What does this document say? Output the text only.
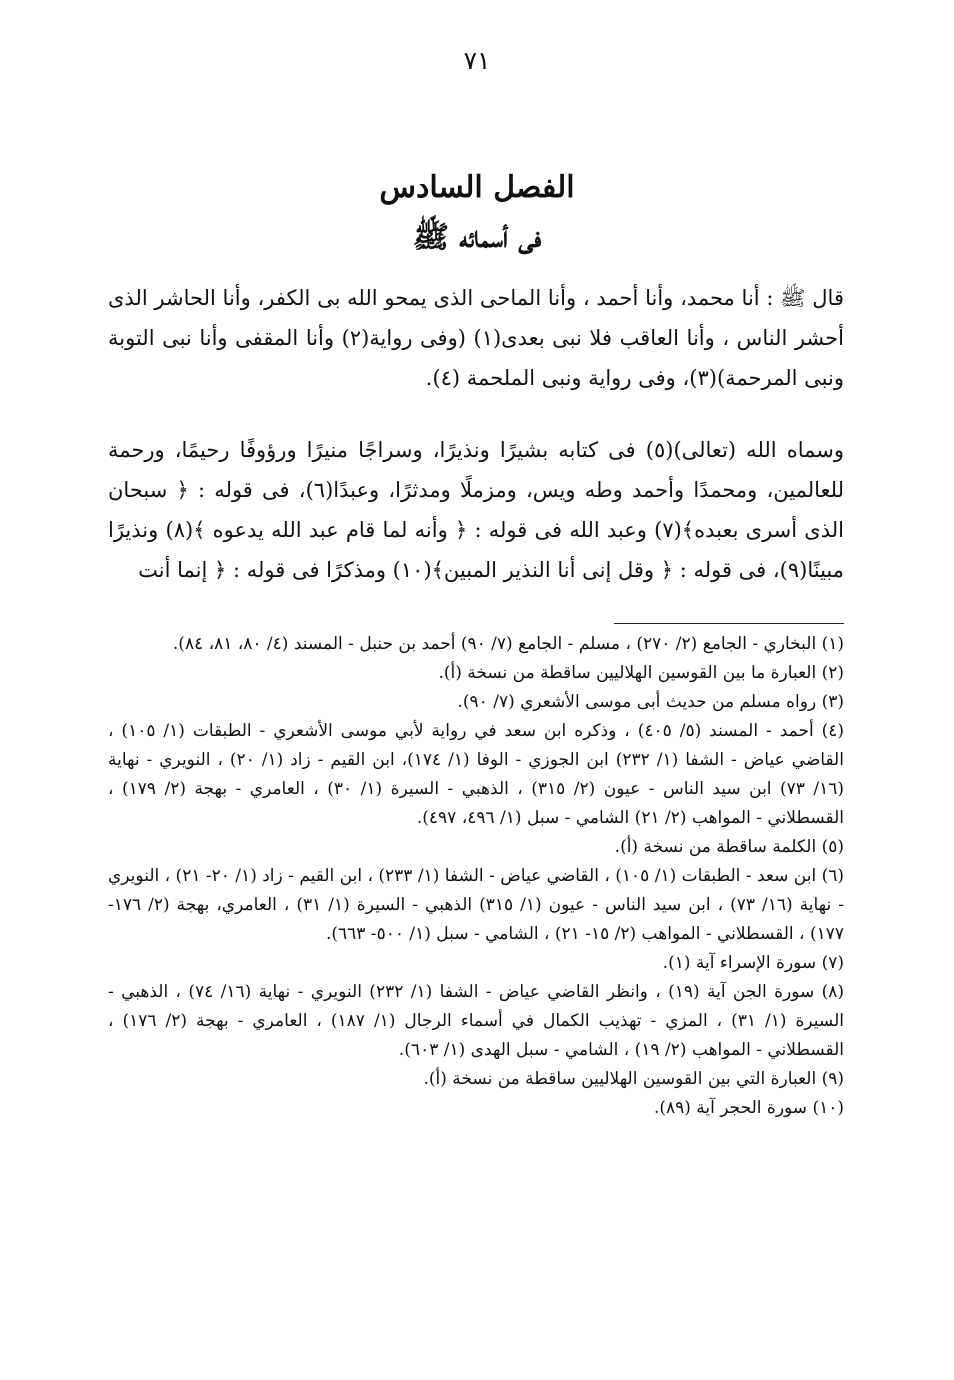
٧١
الفصل السادس
فى أسمائه ﷺ

قال ﷺ : أنا محمد، وأنا أحمد ، وأنا الماحى الذى يمحو الله بى الكفر، وأنا الحاشر الذى أحشر الناس ، وأنا العاقب فلا نبى بعدى(١) (وفى رواية(٢) وأنا المقفى وأنا نبى التوبة ونبى المرحمة)(٣)، وفى رواية ونبى الملحمة (٤).

وسماه الله (تعالى)(٥) فى كتابه بشيرًا ونذيرًا، وسراجًا منيرًا ورؤوفًا رحيمًا، ورحمة للعالمين، ومحمدًا وأحمد وطه ويس، ومزملًا ومدثرًا، وعبدًا(٦)، فى قوله : ﴿ سبحان الذى أسرى بعبده﴾(٧) وعبد الله فى قوله : ﴿ وأنه لما قام عبد الله يدعوه ﴾(٨) ونذيرًا مبينًا(٩)، فى قوله : ﴿ وقل إنى أنا النذير المبين﴾(١٠) ومذكرًا فى قوله : ﴿ إنما أنت

(١) البخاري - الجامع (٢/ ٢٧٠) ، مسلم - الجامع (٧/ ٩٠) أحمد بن حنبل - المسند (٤/ ٨٠، ٨١، ٨٤).

(٢) العبارة ما بين القوسين الهلاليين ساقطة من نسخة (أ).

(٣) رواه مسلم من حديث أبى موسى الأشعري (٧/ ٩٠).

(٤) أحمد - المسند (٥/ ٤٠٥) ، وذكره ابن سعد في رواية لأبي موسى الأشعري - الطبقات (١/ ١٠٥) ، القاضي عياض - الشفا (١/ ٢٣٢) ابن الجوزي - الوفا (١/ ١٧٤)، ابن القيم - زاد (١/ ٢٠) ، النويري - نهاية (١٦/ ٧٣) ابن سيد الناس - عيون (٢/ ٣١٥) ، الذهبي - السيرة (١/ ٣٠) ، العامري - بهجة (٢/ ١٧٩) ، القسطلاني - المواهب (٢/ ٢١) الشامي - سبل (١/ ٤٩٦، ٤٩٧).

(٥) الكلمة ساقطة من نسخة (أ).

(٦) ابن سعد - الطبقات (١/ ١٠٥) ، القاضي عياض - الشفا (١/ ٢٣٣) ، ابن القيم - زاد (١/ ٢٠- ٢١) ، النويري - نهاية (١٦/ ٧٣) ، ابن سيد الناس - عيون (١/ ٣١٥) الذهبي - السيرة (١/ ٣١) ، العامري، بهجة (٢/ ١٧٦- ١٧٧) ، القسطلاني - المواهب (٢/ ١٥- ٢١) ، الشامي - سبل (١/ ٥٠٠- ٦٦٣).

(٧) سورة الإسراء آية (١).

(٨) سورة الجن آية (١٩) ، وانظر القاضي عياض - الشفا (١/ ٢٣٢) النويري - نهاية (١٦/ ٧٤) ، الذهبي - السيرة (١/ ٣١) ، المزي - تهذيب الكمال في أسماء الرجال (١/ ١٨٧) ، العامري - بهجة (٢/ ١٧٦) ، القسطلاني - المواهب (٢/ ١٩) ، الشامي - سبل الهدى (١/ ٦٠٣).

(٩) العبارة التي بين القوسين الهلاليين ساقطة من نسخة (أ).

(١٠) سورة الحجر آية (٨٩).
